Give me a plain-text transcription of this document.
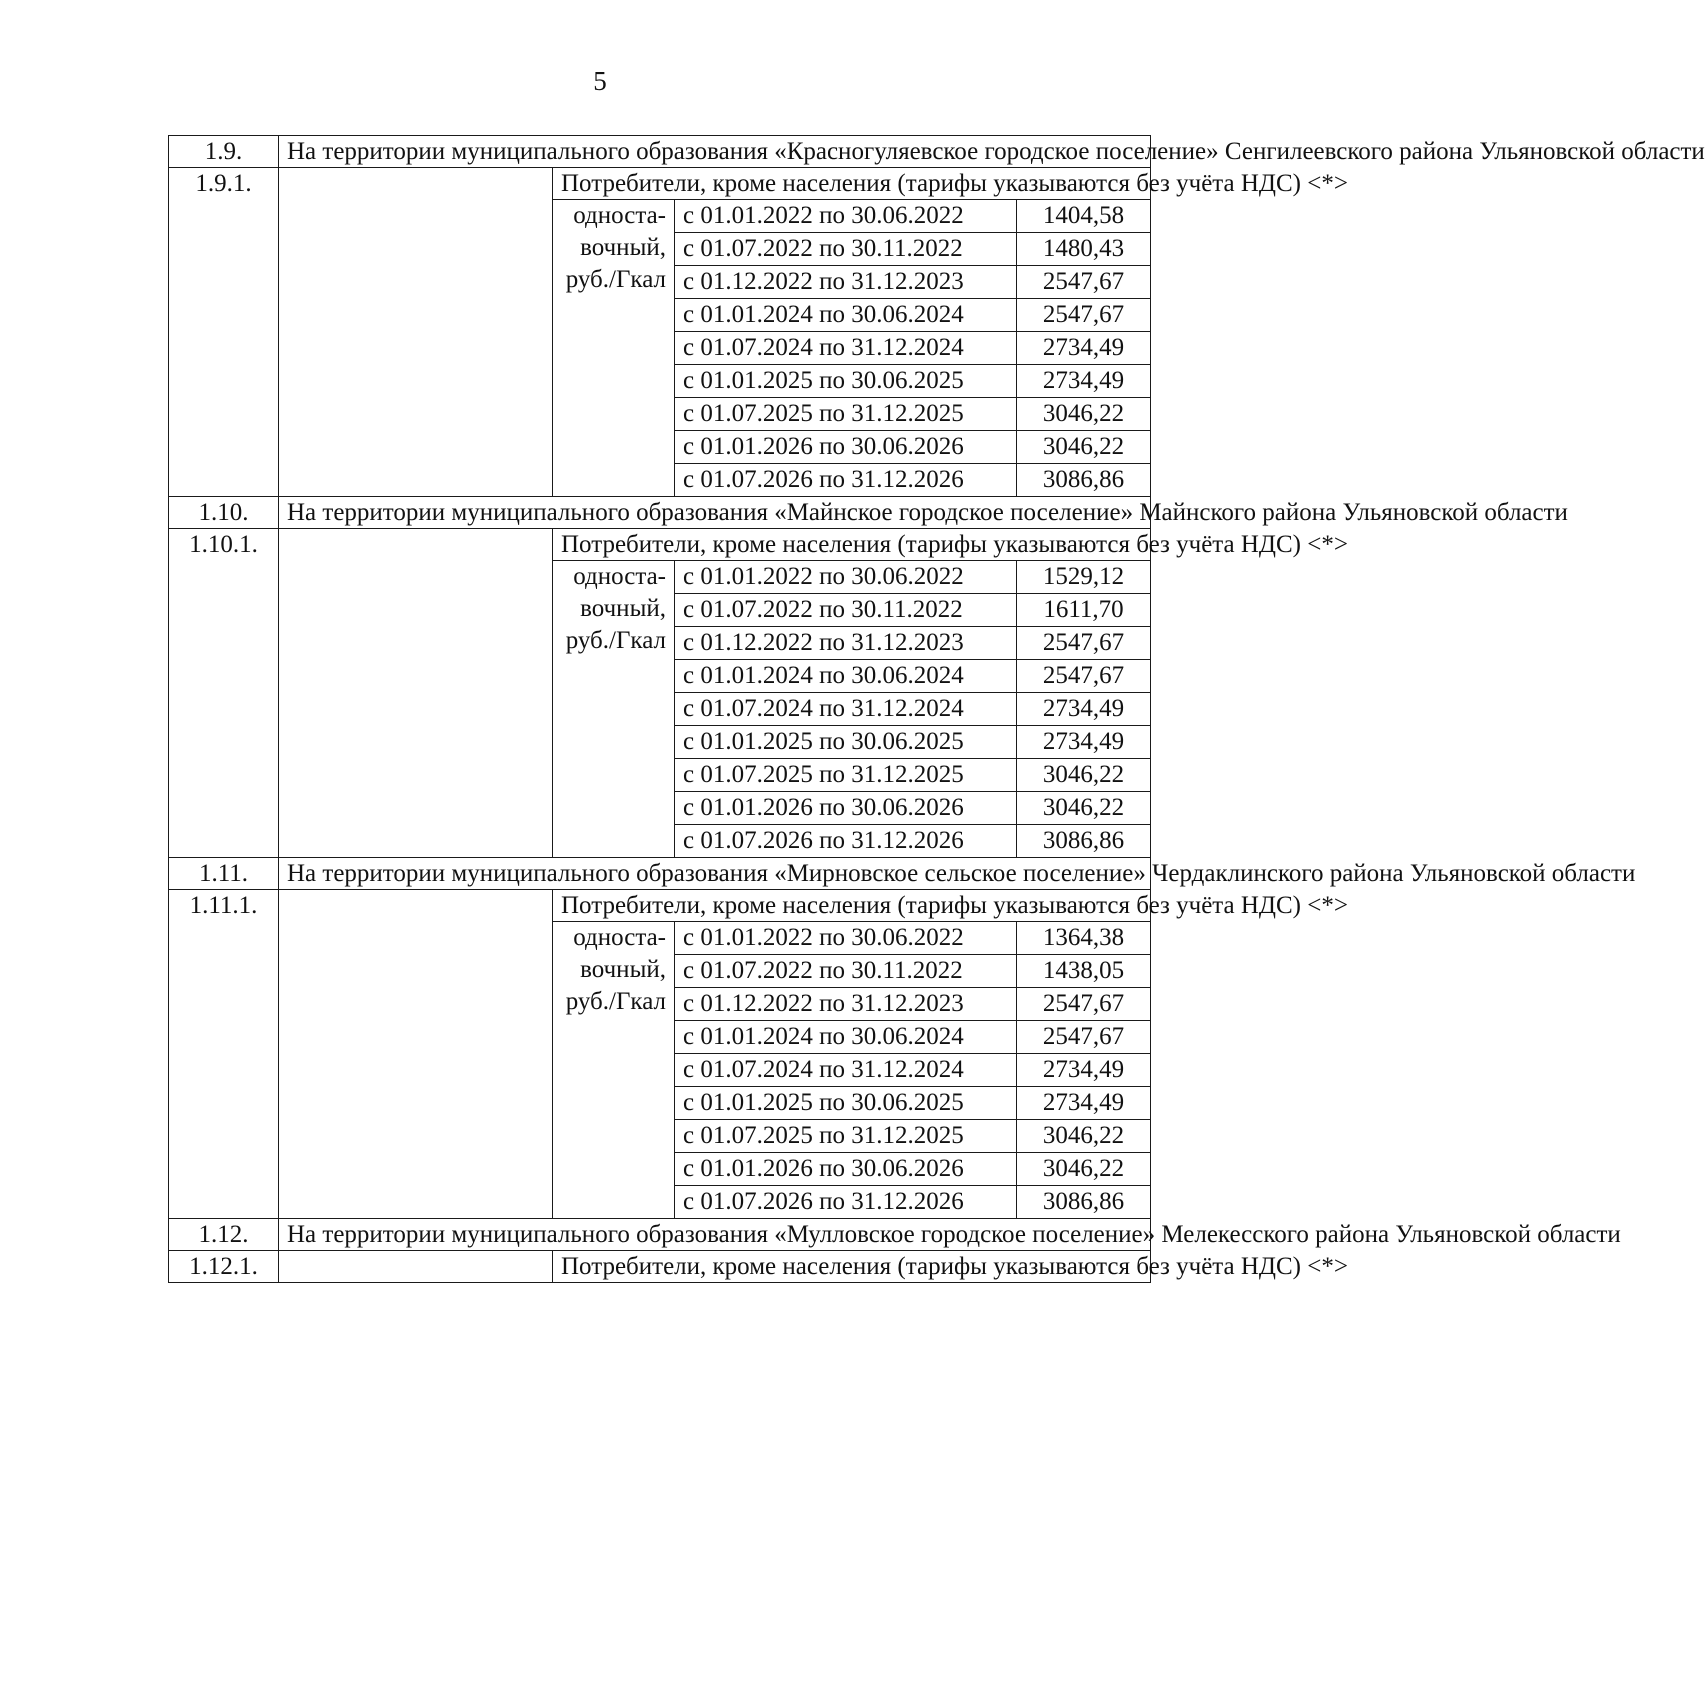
5
1.9.	На территории муниципального образования «Красногуляевское городское поселение» Сенгилеевского района Ульяновской области			
1.9.1.		Потребители, кроме населения (тарифы указываются без учёта НДС) <*>		

		односта-
вочный,
руб./Гкал	с 01.01.2022 по 30.06.2022	1404,58
			с 01.07.2022 по 30.11.2022	1480,43
			с 01.12.2022 по 31.12.2023	2547,67
			с 01.01.2024 по 30.06.2024	2547,67
			с 01.07.2024 по 31.12.2024	2734,49
			с 01.01.2025 по 30.06.2025	2734,49
			с 01.07.2025 по 31.12.2025	3046,22
			с 01.01.2026 по 30.06.2026	3046,22
			с 01.07.2026 по 31.12.2026	3086,86
1.10.	На территории муниципального образования «Майнское городское поселение» Майнского района Ульяновской области			
1.10.1.		Потребители, кроме населения (тарифы указываются без учёта НДС) <*>		

		односта-
вочный,
руб./Гкал	с 01.01.2022 по 30.06.2022	1529,12
			с 01.07.2022 по 30.11.2022	1611,70
			с 01.12.2022 по 31.12.2023	2547,67
			с 01.01.2024 по 30.06.2024	2547,67
			с 01.07.2024 по 31.12.2024	2734,49
			с 01.01.2025 по 30.06.2025	2734,49
			с 01.07.2025 по 31.12.2025	3046,22
			с 01.01.2026 по 30.06.2026	3046,22
			с 01.07.2026 по 31.12.2026	3086,86
1.11.	На территории муниципального образования «Мирновское сельское поселение» Чердаклинского района Ульяновской области			
1.11.1.		Потребители, кроме населения (тарифы указываются без учёта НДС) <*>		

		односта-
вочный,
руб./Гкал	с 01.01.2022 по 30.06.2022	1364,38
			с 01.07.2022 по 30.11.2022	1438,05
			с 01.12.2022 по 31.12.2023	2547,67
			с 01.01.2024 по 30.06.2024	2547,67
			с 01.07.2024 по 31.12.2024	2734,49
			с 01.01.2025 по 30.06.2025	2734,49
			с 01.07.2025 по 31.12.2025	3046,22
			с 01.01.2026 по 30.06.2026	3046,22
			с 01.07.2026 по 31.12.2026	3086,86
1.12.	На территории муниципального образования «Мулловское городское поселение» Мелекесского района Ульяновской области			
1.12.1.		Потребители, кроме населения (тарифы указываются без учёта НДС) <*>		
